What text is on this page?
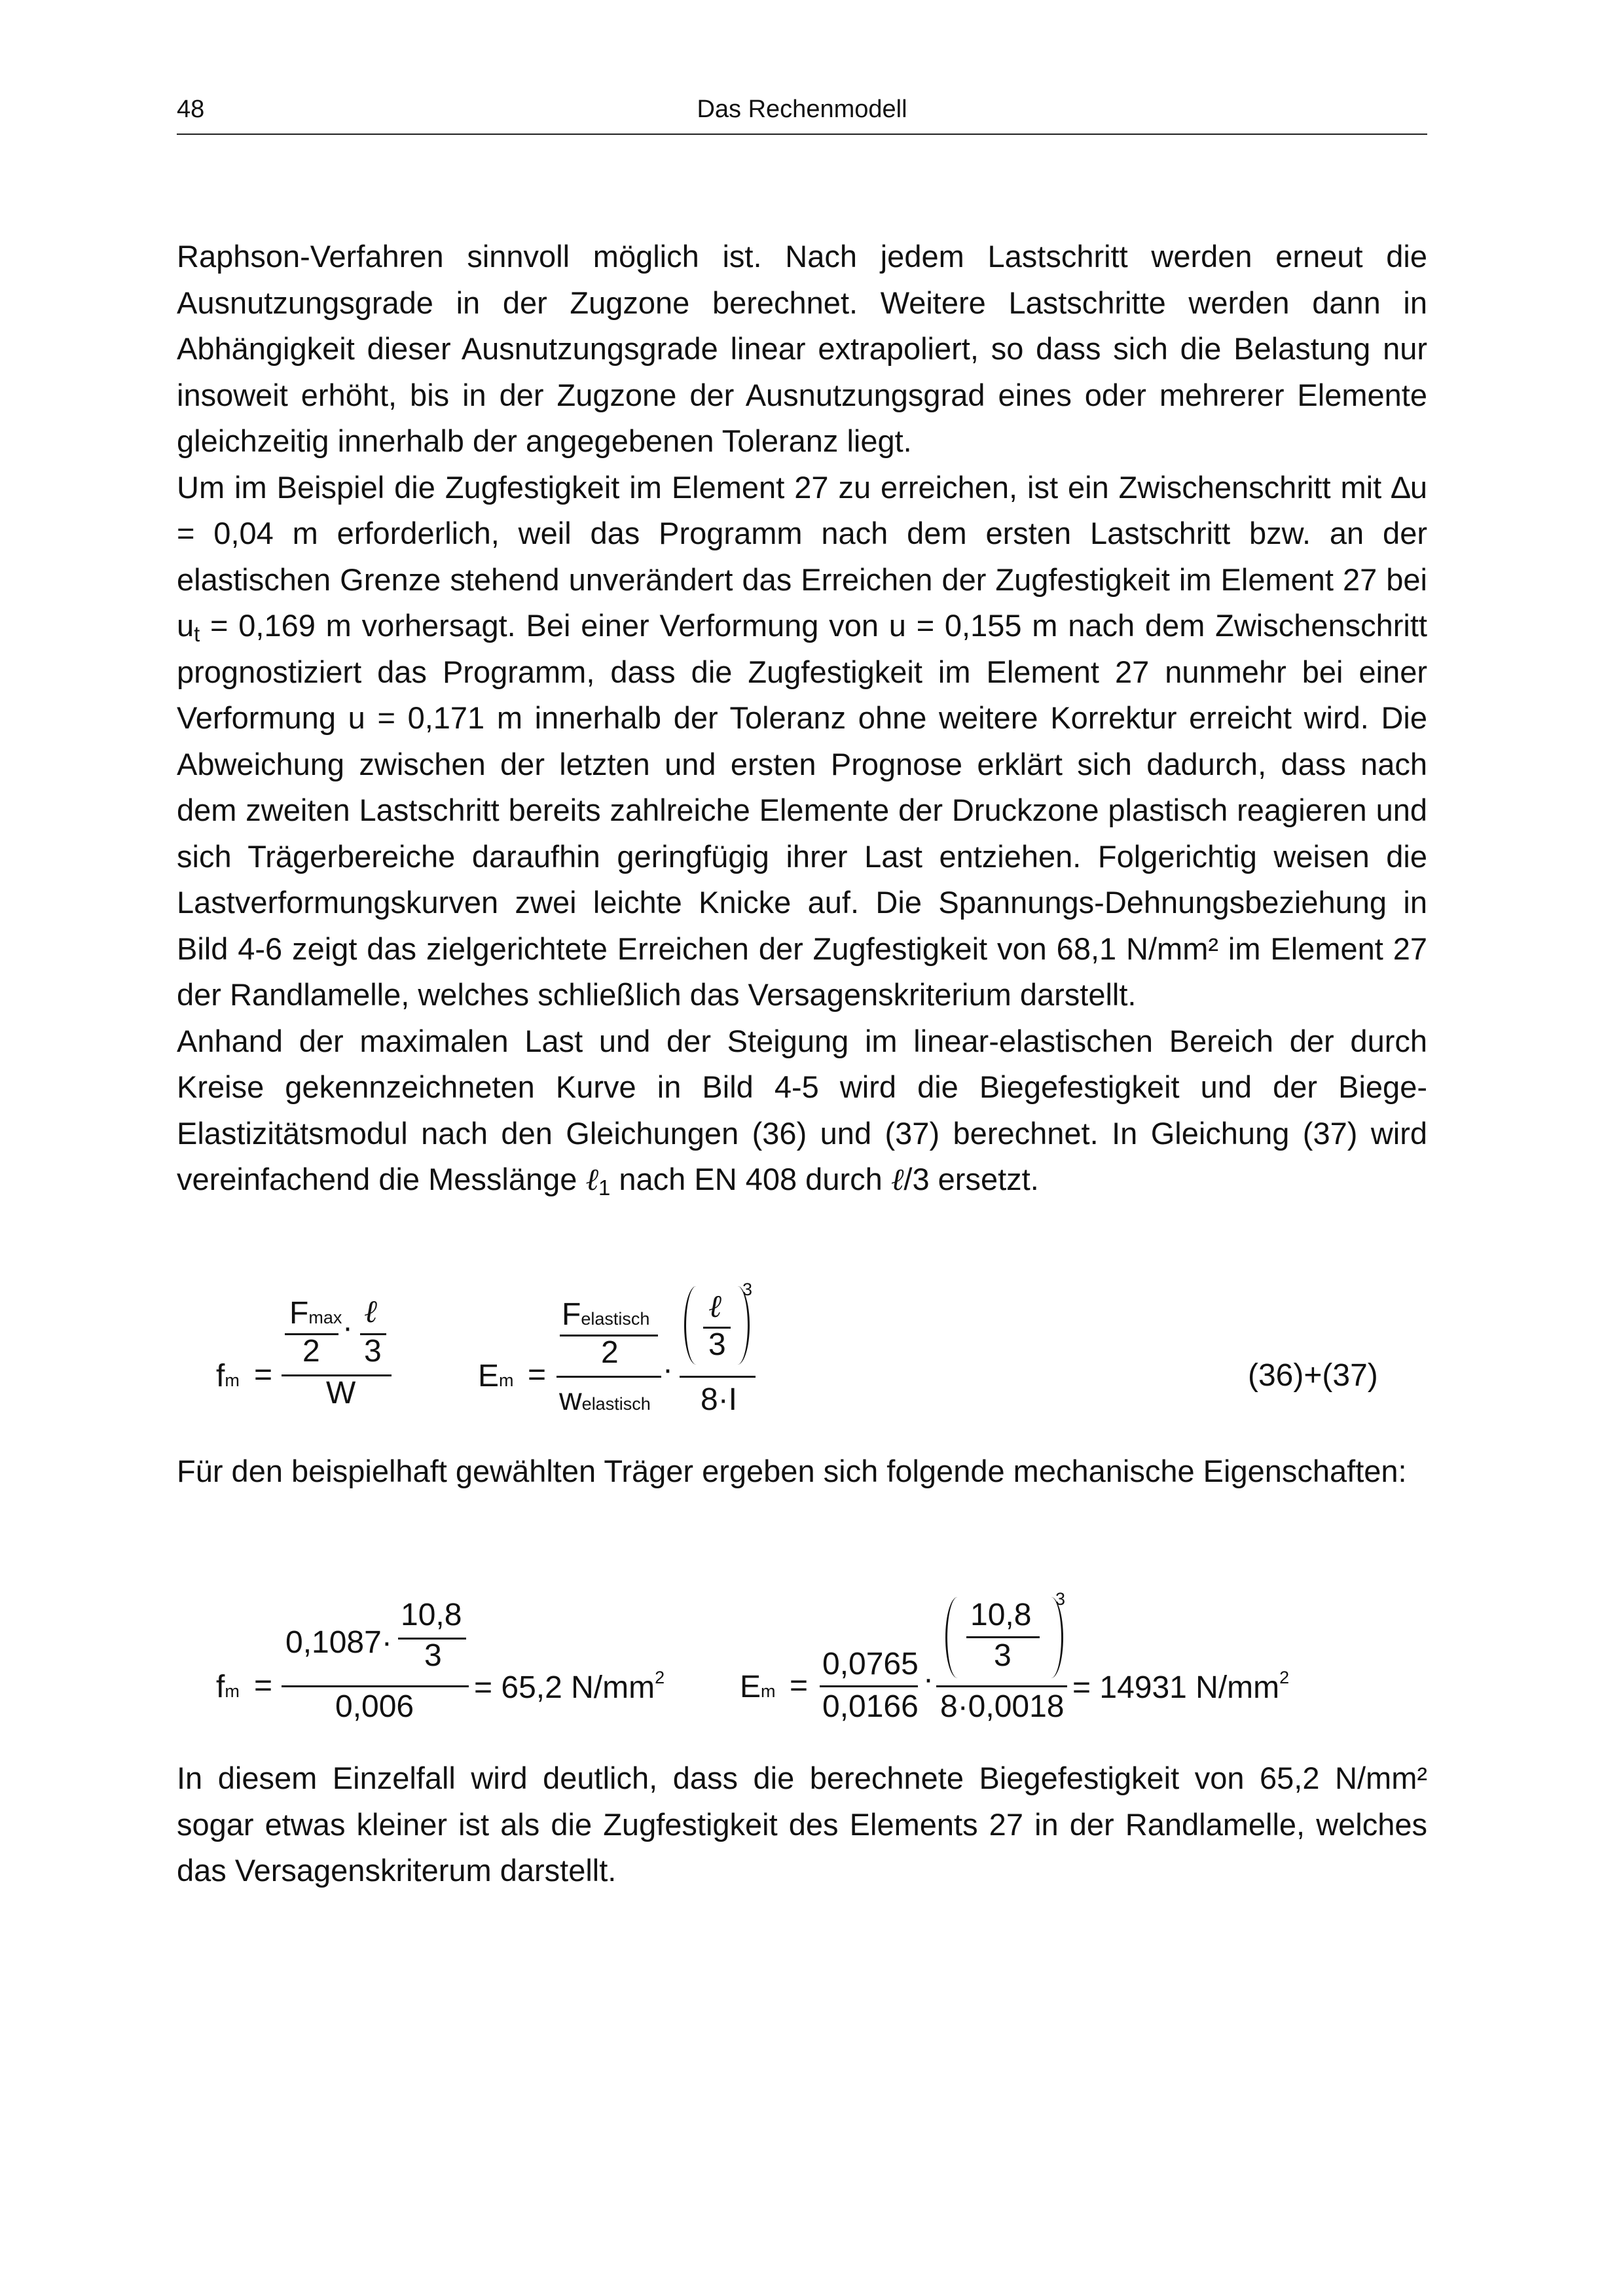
48	Das Rechenmodell
Raphson-Verfahren sinnvoll möglich ist. Nach jedem Lastschritt werden erneut die Ausnutzungsgrade in der Zugzone berechnet. Weitere Lastschritte werden dann in Abhängigkeit dieser Ausnutzungsgrade linear extrapoliert, so dass sich die Belastung nur insoweit erhöht, bis in der Zugzone der Ausnutzungsgrad eines oder mehrerer Elemente gleichzeitig innerhalb der angegebenen Toleranz liegt.
Um im Beispiel die Zugfestigkeit im Element 27 zu erreichen, ist ein Zwischenschritt mit ∆u = 0,04 m erforderlich, weil das Programm nach dem ersten Lastschritt bzw. an der elastischen Grenze stehend unverändert das Erreichen der Zugfestigkeit im Element 27 bei $u_t = 0,169$ m vorhersagt. Bei einer Verformung von u = 0,155 m nach dem Zwischenschritt prognostiziert das Programm, dass die Zugfestigkeit im Element 27 nunmehr bei einer Verformung u = 0,171 m innerhalb der Toleranz ohne weitere Korrektur erreicht wird. Die Abweichung zwischen der letzten und ersten Prognose erklärt sich dadurch, dass nach dem zweiten Lastschritt bereits zahlreiche Elemente der Druckzone plastisch reagieren und sich Trägerbereiche daraufhin geringfügig ihrer Last entziehen. Folgerichtig weisen die Lastverformungskurven zwei leichte Knicke auf. Die Spannungs-Dehnungsbeziehung in Bild 4-6 zeigt das zielgerichtete Erreichen der Zugfestigkeit von 68,1 N/mm² im Element 27 der Randlamelle, welches schließlich das Versagenskriterium darstellt.
Anhand der maximalen Last und der Steigung im linear-elastischen Bereich der durch Kreise gekennzeichneten Kurve in Bild 4-5 wird die Biegefestigkeit und der Biege-Elastizitätsmodul nach den Gleichungen (36) und (37) berechnet. In Gleichung (37) wird vereinfachend die Messlänge ℓ$_1$ nach EN 408 durch ℓ/3 ersetzt.
fm =
Fmax
2
· ℓ
3
W	Em =
Felastisch
2
welastisch
·
ℓ
3
3
8·I
(36)+(37)
Für den beispielhaft gewählten Träger ergeben sich folgende mechanische Eigenschaften:
fm =
0,1087·
10,8
3
0,006
= 65,2 $N/mm^2$ Em =
0,0765
0,0166
·
10,8
3
3
8·0,0018
= 14931 $N/mm^2$
In diesem Einzelfall wird deutlich, dass die berechnete Biegefestigkeit von 65,2 N/mm² sogar etwas kleiner ist als die Zugfestigkeit des Elements 27 in der Randlamelle, welches das Versagenskriterum darstellt.
